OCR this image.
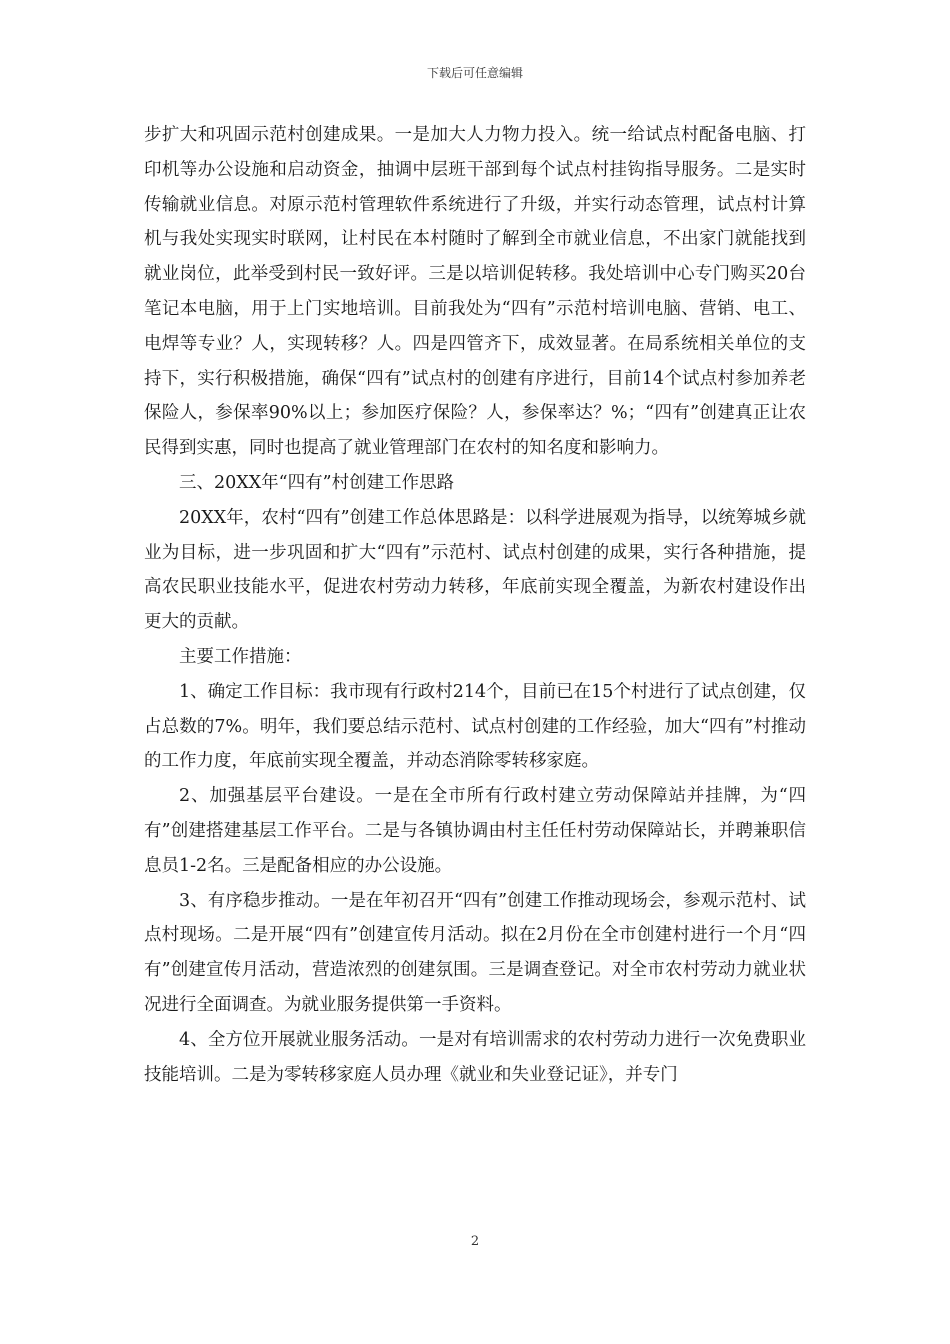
下载后可任意编辑

步扩大和巩固示范村创建成果。一是加大人力物力投入。统一给试点村配备电脑、打印机等办公设施和启动资金，抽调中层班干部到每个试点村挂钩指导服务。二是实时传输就业信息。对原示范村管理软件系统进行了升级，并实行动态管理，试点村计算机与我处实现实时联网，让村民在本村随时了解到全市就业信息，不出家门就能找到就业岗位，此举受到村民一致好评。三是以培训促转移。我处培训中心专门购买20台笔记本电脑，用于上门实地培训。目前我处为“四有”示范村培训电脑、营销、电工、电焊等专业？人，实现转移？人。四是四管齐下，成效显著。在局系统相关单位的支持下，实行积极措施，确保“四有”试点村的创建有序进行，目前14个试点村参加养老保险人，参保率90%以上；参加医疗保险？人，参保率达？%；“四有”创建真正让农民得到实惠，同时也提高了就业管理部门在农村的知名度和影响力。

三、20XX年“四有”村创建工作思路

20XX年，农村“四有”创建工作总体思路是：以科学进展观为指导，以统筹城乡就业为目标，进一步巩固和扩大“四有”示范村、试点村创建的成果，实行各种措施，提高农民职业技能水平，促进农村劳动力转移，年底前实现全覆盖，为新农村建设作出更大的贡献。

主要工作措施：

1、确定工作目标：我市现有行政村214个，目前已在15个村进行了试点创建，仅占总数的7%。明年，我们要总结示范村、试点村创建的工作经验，加大“四有”村推动的工作力度，年底前实现全覆盖，并动态消除零转移家庭。

2、加强基层平台建设。一是在全市所有行政村建立劳动保障站并挂牌，为“四有”创建搭建基层工作平台。二是与各镇协调由村主任任村劳动保障站长，并聘兼职信息员1-2名。三是配备相应的办公设施。

3、有序稳步推动。一是在年初召开“四有”创建工作推动现场会，参观示范村、试点村现场。二是开展“四有”创建宣传月活动。拟在2月份在全市创建村进行一个月“四有”创建宣传月活动，营造浓烈的创建氛围。三是调查登记。对全市农村劳动力就业状况进行全面调查。为就业服务提供第一手资料。

4、全方位开展就业服务活动。一是对有培训需求的农村劳动力进行一次免费职业技能培训。二是为零转移家庭人员办理《就业和失业登记证》，并专门

2
